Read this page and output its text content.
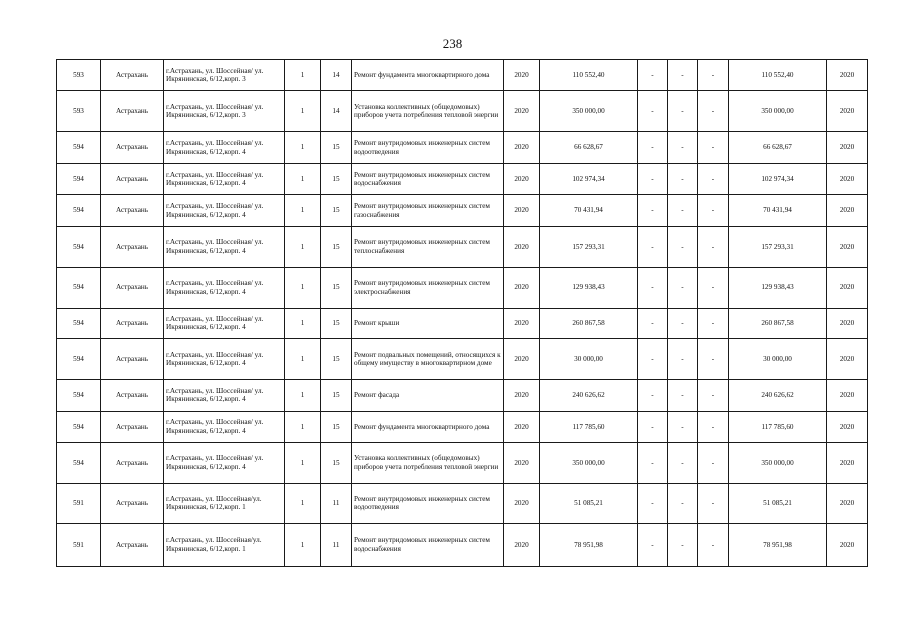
238
593	Астрахань	г.Астрахань, ул. Шоссейная/ ул. Икрянинская, 6/12,корп. 3	1	14	Ремонт фундамента многоквартирного дома	2020	110 552,40	-	-	-	110 552,40	2020
593	Астрахань	г.Астрахань, ул. Шоссейная/ ул. Икрянинская, 6/12,корп. 3	1	14	Установка коллективных (общедомовых) приборов учета потребления тепловой энергии	2020	350 000,00	-	-	-	350 000,00	2020
594	Астрахань	г.Астрахань, ул. Шоссейная/ ул. Икрянинская, 6/12,корп. 4	1	15	Ремонт внутридомовых инженерных систем водоотведения	2020	66 628,67	-	-	-	66 628,67	2020
594	Астрахань	г.Астрахань, ул. Шоссейная/ ул. Икрянинская, 6/12,корп. 4	1	15	Ремонт внутридомовых инженерных систем водоснабжения	2020	102 974,34	-	-	-	102 974,34	2020
594	Астрахань	г.Астрахань, ул. Шоссейная/ ул. Икрянинская, 6/12,корп. 4	1	15	Ремонт внутридомовых инженерных систем газоснабжения	2020	70 431,94	-	-	-	70 431,94	2020
594	Астрахань	г.Астрахань, ул. Шоссейная/ ул. Икрянинская, 6/12,корп. 4	1	15	Ремонт внутридомовых инженерных систем теплоснабжения	2020	157 293,31	-	-	-	157 293,31	2020
594	Астрахань	г.Астрахань, ул. Шоссейная/ ул. Икрянинская, 6/12,корп. 4	1	15	Ремонт внутридомовых инженерных систем электроснабжения	2020	129 938,43	-	-	-	129 938,43	2020
594	Астрахань	г.Астрахань, ул. Шоссейная/ ул. Икрянинская, 6/12,корп. 4	1	15	Ремонт крыши	2020	260 867,58	-	-	-	260 867,58	2020
594	Астрахань	г.Астрахань, ул. Шоссейная/ ул. Икрянинская, 6/12,корп. 4	1	15	Ремонт подвальных помещений, относящихся к общему имуществу в многоквартирном доме	2020	30 000,00	-	-	-	30 000,00	2020
594	Астрахань	г.Астрахань, ул. Шоссейная/ ул. Икрянинская, 6/12,корп. 4	1	15	Ремонт фасада	2020	240 626,62	-	-	-	240 626,62	2020
594	Астрахань	г.Астрахань, ул. Шоссейная/ ул. Икрянинская, 6/12,корп. 4	1	15	Ремонт фундамента многоквартирного дома	2020	117 785,60	-	-	-	117 785,60	2020
594	Астрахань	г.Астрахань, ул. Шоссейная/ ул. Икрянинская, 6/12,корп. 4	1	15	Установка коллективных (общедомовых) приборов учета потребления тепловой энергии	2020	350 000,00	-	-	-	350 000,00	2020
591	Астрахань	г.Астрахань, ул. Шоссейная/ул. Икрянинская, 6/12,корп. 1	1	11	Ремонт внутридомовых инженерных систем водоотведения	2020	51 085,21	-	-	-	51 085,21	2020
591	Астрахань	г.Астрахань, ул. Шоссейная/ул. Икрянинская, 6/12,корп. 1	1	11	Ремонт внутридомовых инженерных систем водоснабжения	2020	78 951,98	-	-	-	78 951,98	2020
